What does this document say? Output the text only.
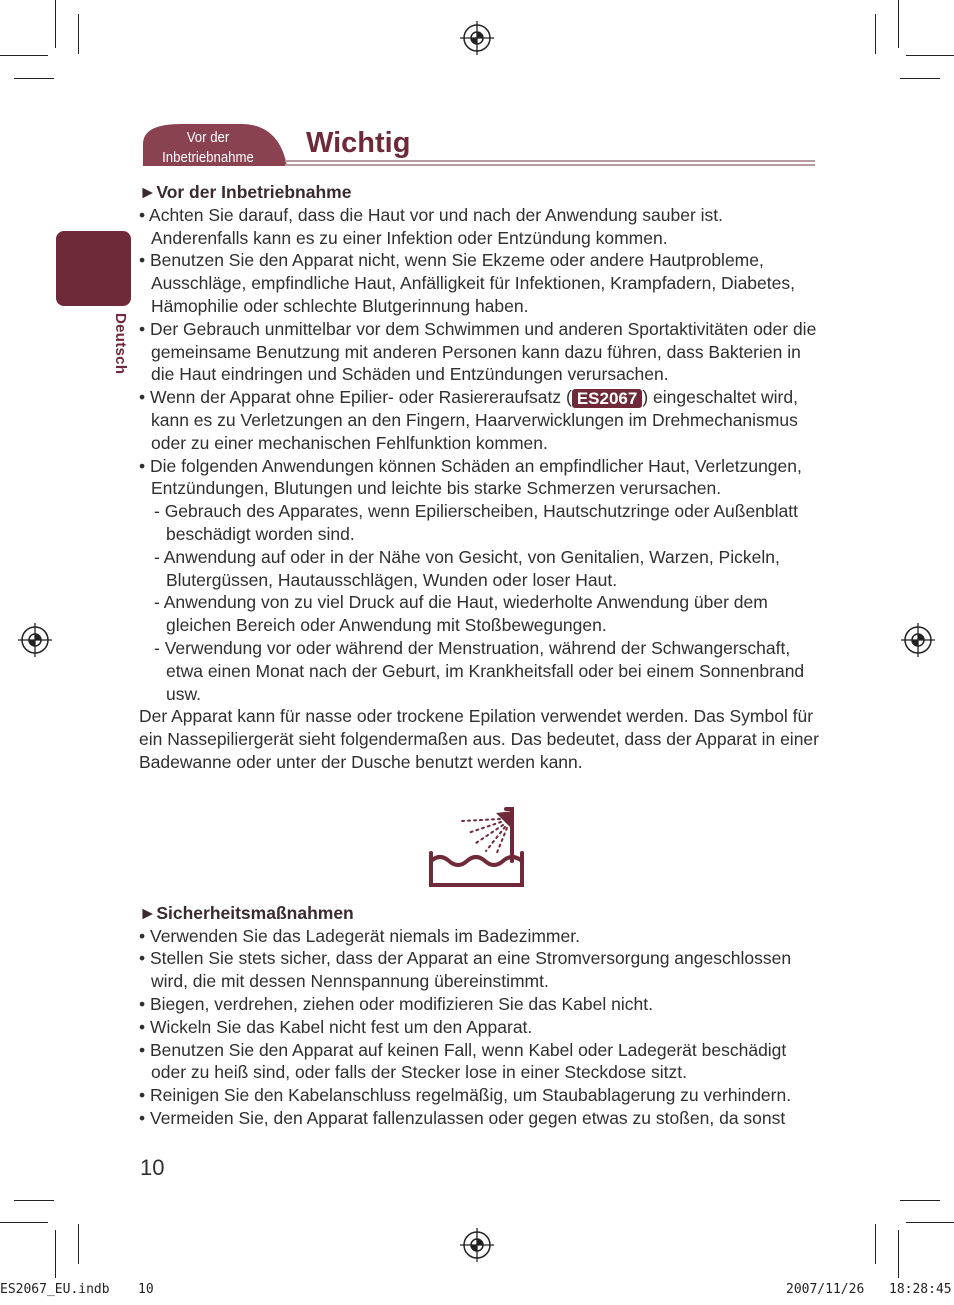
Deutsch
Vor der
Inbetriebnahme	Wichtig

►Vor der Inbetriebnahme

• Achten Sie darauf, dass die Haut vor und nach der Anwendung sauber ist. Anderenfalls kann es zu einer Infektion oder Entzündung kommen.

• Benutzen Sie den Apparat nicht, wenn Sie Ekzeme oder andere Hautprobleme, Ausschläge, empfindliche Haut, Anfälligkeit für Infektionen, Krampfadern, Diabetes, Hämophilie oder schlechte Blutgerinnung haben.

• Der Gebrauch unmittelbar vor dem Schwimmen und anderen Sportaktivitäten oder die gemeinsame Benutzung mit anderen Personen kann dazu führen, dass Bakterien in die Haut eindringen und Schäden und Entzündungen verursachen.

• Wenn der Apparat ohne Epilier- oder Rasiereraufsatz ( ES2067 ) eingeschaltet wird, kann es zu Verletzungen an den Fingern, Haarverwicklungen im Drehmechanismus oder zu einer mechanischen Fehlfunktion kommen.

• Die folgenden Anwendungen können Schäden an empfindlicher Haut, Verletzungen, Entzündungen, Blutungen und leichte bis starke Schmerzen verursachen.

- Gebrauch des Apparates, wenn Epilierscheiben, Hautschutzringe oder Außenblatt beschädigt worden sind.

- Anwendung auf oder in der Nähe von Gesicht, von Genitalien, Warzen, Pickeln, Blutergüssen, Hautausschlägen, Wunden oder loser Haut.

- Anwendung von zu viel Druck auf die Haut, wiederholte Anwendung über dem gleichen Bereich oder Anwendung mit Stoßbewegungen.

- Verwendung vor oder während der Menstruation, während der Schwangerschaft, etwa einen Monat nach der Geburt, im Krankheitsfall oder bei einem Sonnenbrand usw.

Der Apparat kann für nasse oder trockene Epilation verwendet werden. Das Symbol für ein Nassepiliergerät sieht folgendermaßen aus. Das bedeutet, dass der Apparat in einer Badewanne oder unter der Dusche benutzt werden kann.

►Sicherheitsmaßnahmen

• Verwenden Sie das Ladegerät niemals im Badezimmer.

• Stellen Sie stets sicher, dass der Apparat an eine Stromversorgung angeschlossen wird, die mit dessen Nennspannung übereinstimmt.

• Biegen, verdrehen, ziehen oder modifizieren Sie das Kabel nicht.

• Wickeln Sie das Kabel nicht fest um den Apparat.

• Benutzen Sie den Apparat auf keinen Fall, wenn Kabel oder Ladegerät beschädigt oder zu heiß sind, oder falls der Stecker lose in einer Steckdose sitzt.

• Reinigen Sie den Kabelanschluss regelmäßig, um Staubablagerung zu verhindern.

• Vermeiden Sie, den Apparat fallenzulassen oder gegen etwas zu stoßen, da sonst

10
ES2067_EU.indb 10	2007/11/26 18:28:45
